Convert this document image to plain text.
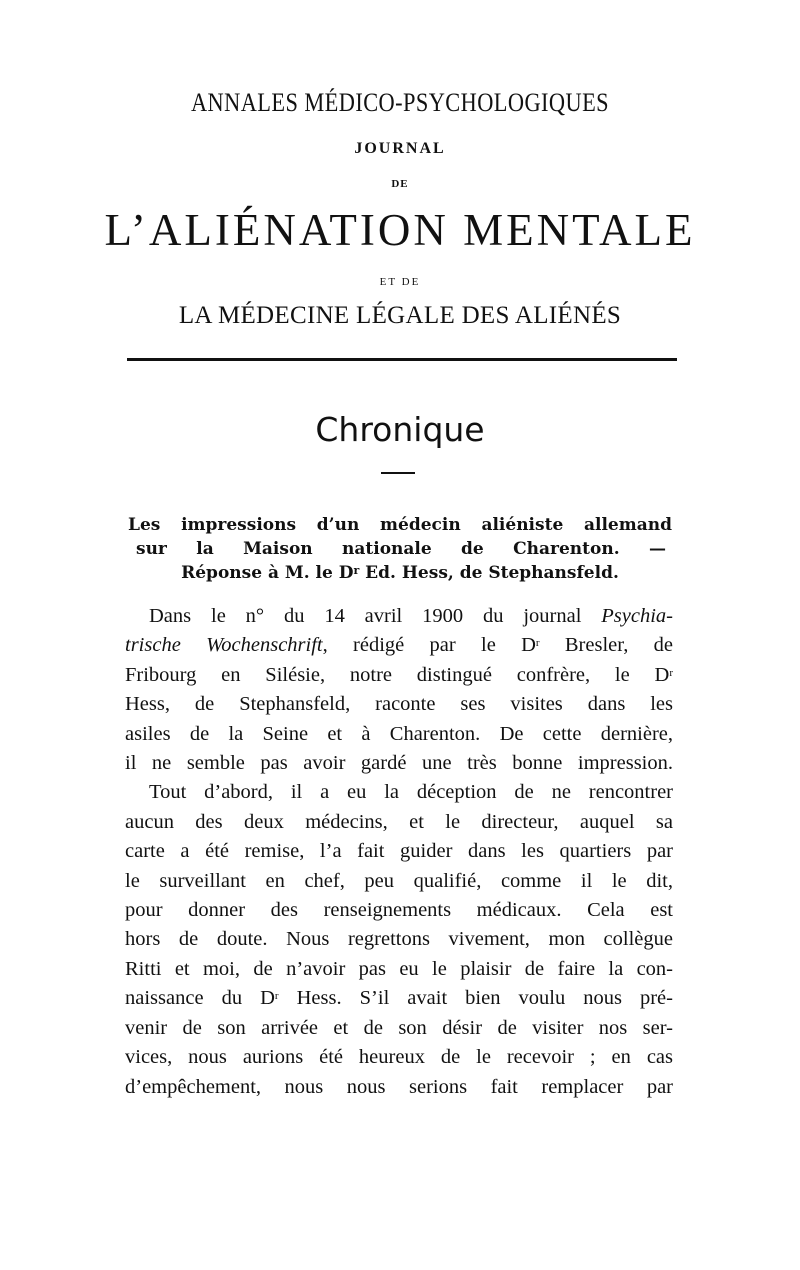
ANNALES MÉDICO-PSYCHOLOGIQUES
JOURNAL
DE
L’ALIÉNATION MENTALE
ET DE
LA MÉDECINE LÉGALE DES ALIÉNÉS
Chronique
Les impressions d’un médecin aliéniste allemand
sur la Maison nationale de Charenton. —
Réponse à M. le $D^r$ Ed. Hess, de Stephansfeld.
Dans le n° du 14 avril 1900 du journal Psychia-
trische Wochenschrift, rédigé par le $D^r$ Bresler, de
Fribourg en Silésie, notre distingué confrère, le $D^r$
Hess, de Stephansfeld, raconte ses visites dans les
asiles de la Seine et à Charenton. De cette dernière,
il ne semble pas avoir gardé une très bonne impression.
Tout d’abord, il a eu la déception de ne rencontrer
aucun des deux médecins, et le directeur, auquel sa
carte a été remise, l’a fait guider dans les quartiers par
le surveillant en chef, peu qualifié, comme il le dit,
pour donner des renseignements médicaux. Cela est
hors de doute. Nous regrettons vivement, mon collègue
Ritti et moi, de n’avoir pas eu le plaisir de faire la con-
naissance du $D^r$ Hess. S’il avait bien voulu nous pré-
venir de son arrivée et de son désir de visiter nos ser-
vices, nous aurions été heureux de le recevoir ; en cas
d’empêchement, nous nous serions fait remplacer par
